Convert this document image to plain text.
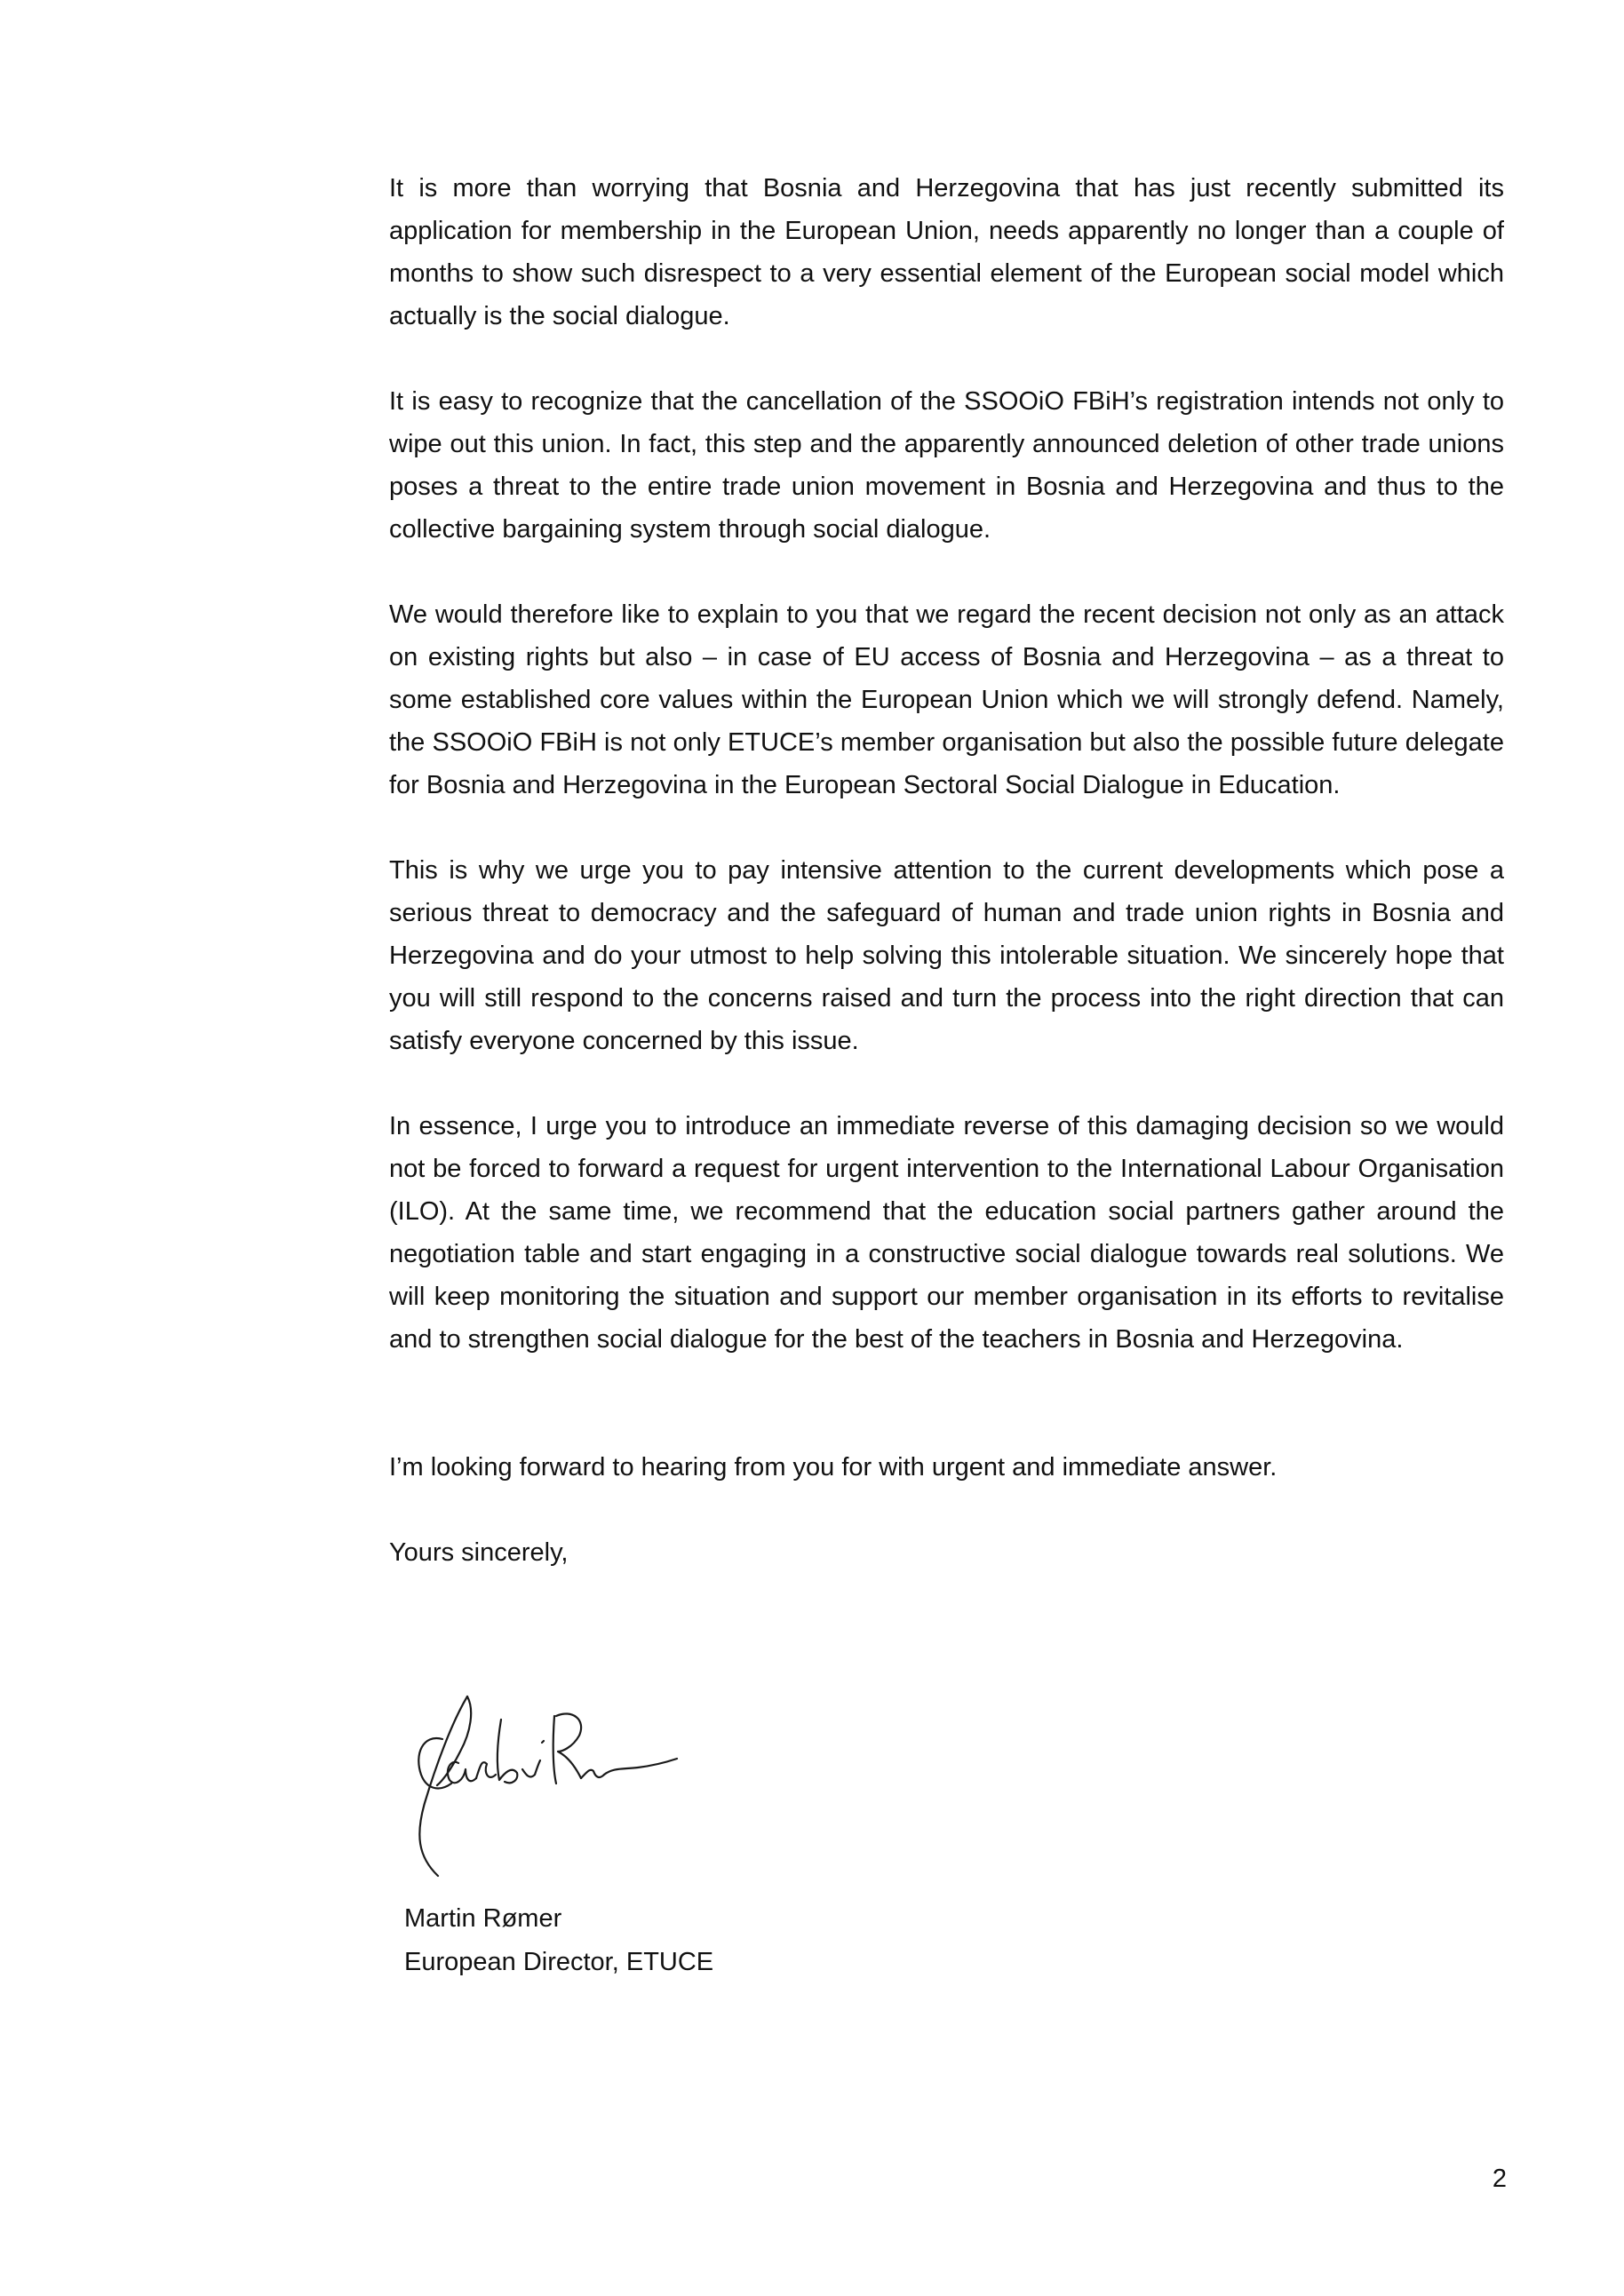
It is more than worrying that Bosnia and Herzegovina that has just recently submitted its application for membership in the European Union, needs apparently no longer than a couple of months to show such disrespect to a very essential element of the European social model which actually is the social dialogue.

It is easy to recognize that the cancellation of the SSOOiO FBiH’s registration intends not only to wipe out this union. In fact, this step and the apparently announced deletion of other trade unions poses a threat to the entire trade union movement in Bosnia and Herzegovina and thus to the collective bargaining system through social dialogue.

We would therefore like to explain to you that we regard the recent decision not only as an attack on existing rights but also – in case of EU access of Bosnia and Herzegovina – as a threat to some established core values within the European Union which we will strongly defend. Namely, the SSOOiO FBiH is not only ETUCE’s member organisation but also the possible future delegate for Bosnia and Herzegovina in the European Sectoral Social Dialogue in Education.

This is why we urge you to pay intensive attention to the current developments which pose a serious threat to democracy and the safeguard of human and trade union rights in Bosnia and Herzegovina and do your utmost to help solving this intolerable situation. We sincerely hope that you will still respond to the concerns raised and turn the process into the right direction that can satisfy everyone concerned by this issue.

In essence, I urge you to introduce an immediate reverse of this damaging decision so we would not be forced to forward a request for urgent intervention to the International Labour Organisation (ILO). At the same time, we recommend that the education social partners gather around the negotiation table and start engaging in a constructive social dialogue towards real solutions. We will keep monitoring the situation and support our member organisation in its efforts to revitalise and to strengthen social dialogue for the best of the teachers in Bosnia and Herzegovina.

I’m looking forward to hearing from you for with urgent and immediate answer.

Yours sincerely,

Martin Rømer
European Director, ETUCE
2
